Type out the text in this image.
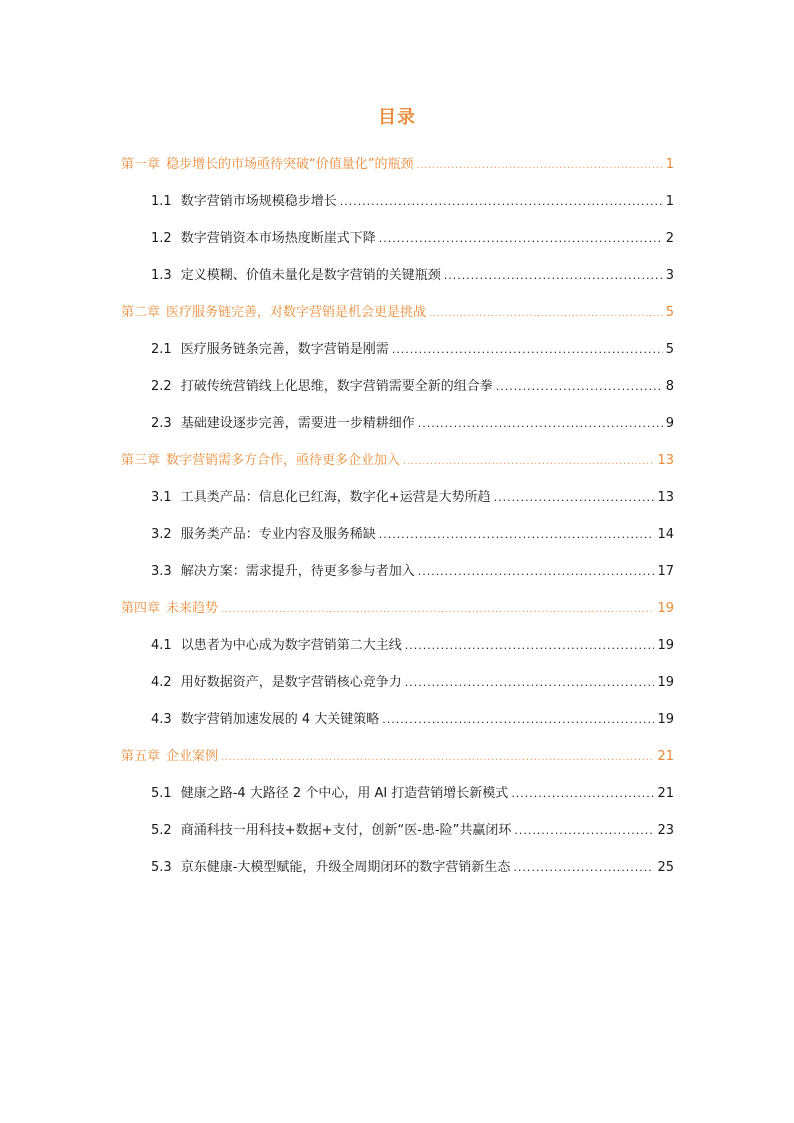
目录
第一章 稳步增长的市场亟待突破“价值量化”的瓶颈 .....	1
1.1 数字营销市场规模稳步增长 .....	1
1.2 数字营销资本市场热度断崖式下降 .....	2
1.3 定义模糊、价值未量化是数字营销的关键瓶颈 .....	3
第二章 医疗服务链完善，对数字营销是机会更是挑战 .....	5
2.1 医疗服务链条完善，数字营销是刚需 .....	5
2.2 打破传统营销线上化思维，数字营销需要全新的组合拳 .....	8
2.3 基础建设逐步完善，需要进一步精耕细作 .....	9
第三章 数字营销需多方合作，亟待更多企业加入 .....	13
3.1 工具类产品：信息化已红海，数字化+运营是大势所趋 .....	13
3.2 服务类产品：专业内容及服务稀缺 .....	14
3.3 解决方案：需求提升，待更多参与者加入 .....	17
第四章 未来趋势 .....	19
4.1 以患者为中心成为数字营销第二大主线 .....	19
4.2 用好数据资产，是数字营销核心竞争力 .....	19
4.3 数字营销加速发展的 4 大关键策略 .....	19
第五章 企业案例 .....	21
5.1 健康之路-4 大路径 2 个中心，用 AI 打造营销增长新模式 .....	21
5.2 商涌科技一用科技+数据+支付，创新“医-患-险”共赢闭环 .....	23
5.3 京东健康-大模型赋能，升级全周期闭环的数字营销新生态 .....	25
